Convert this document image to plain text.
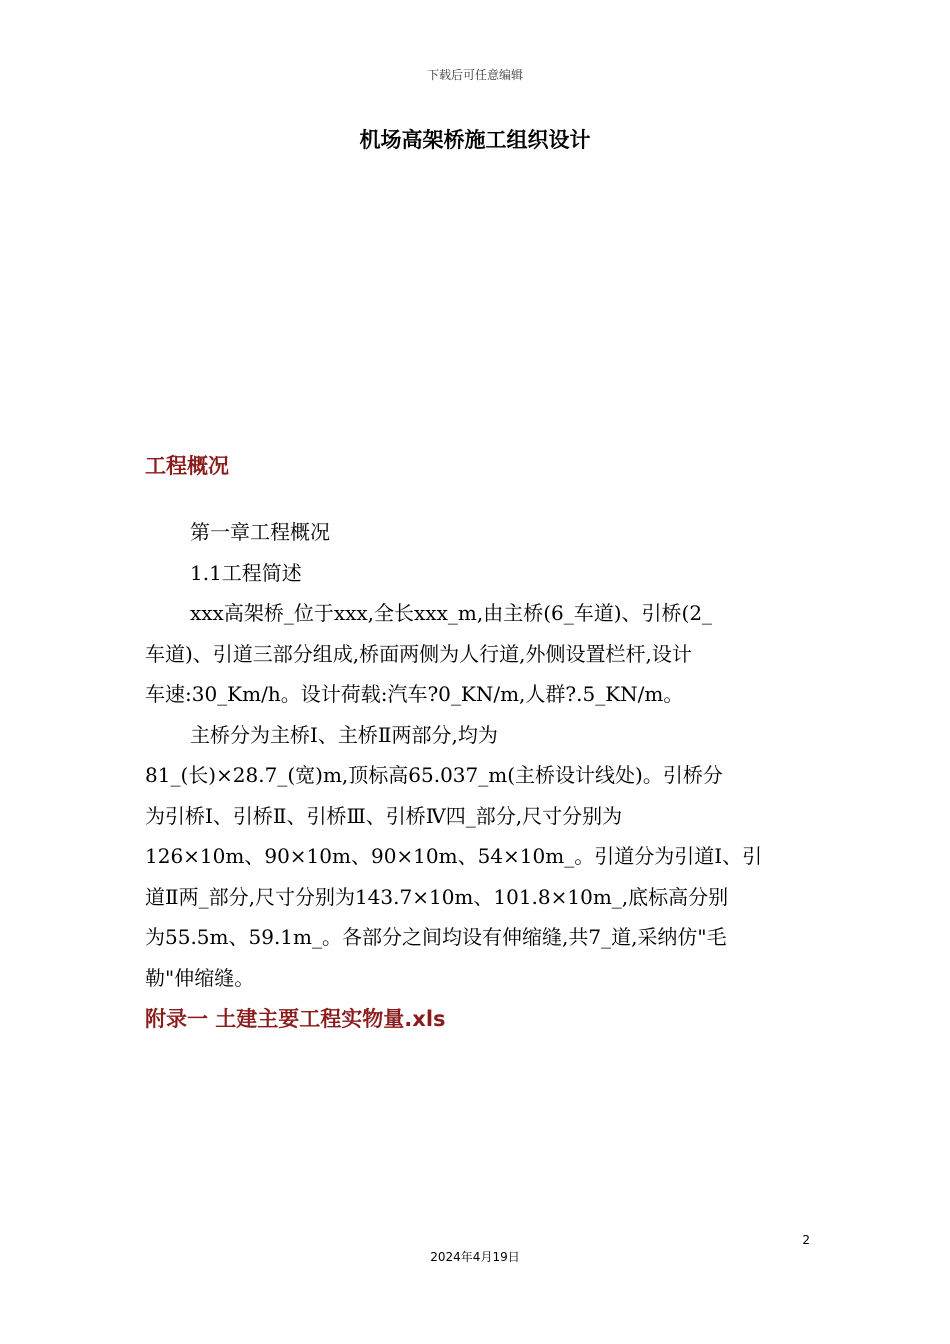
下载后可任意编辑
机场高架桥施工组织设计
工程概况

第一章工程概况

1.1工程简述

xxx高架桥_位于xxx,全长xxx_m,由主桥(6_车道)、引桥(2_

车道)、引道三部分组成,桥面两侧为人行道,外侧设置栏杆,设计

车速:30_Km/h。设计荷载:汽车?0_KN/m,人群?.5_KN/m。

主桥分为主桥Ⅰ、主桥Ⅱ两部分,均为

81_(长)×28.7_(宽)m,顶标高65.037_m(主桥设计线处)。引桥分

为引桥Ⅰ、引桥Ⅱ、引桥Ⅲ、引桥Ⅳ四_部分,尺寸分别为

126×10m、90×10m、90×10m、54×10m_。引道分为引道Ⅰ、引

道Ⅱ两_部分,尺寸分别为143.7×10m、101.8×10m_,底标高分别

为55.5m、59.1m_。各部分之间均设有伸缩缝,共7_道,采纳仿"毛

勒"伸缩缝。

附录一 土建主要工程实物量.xls
2
2024年4月19日
